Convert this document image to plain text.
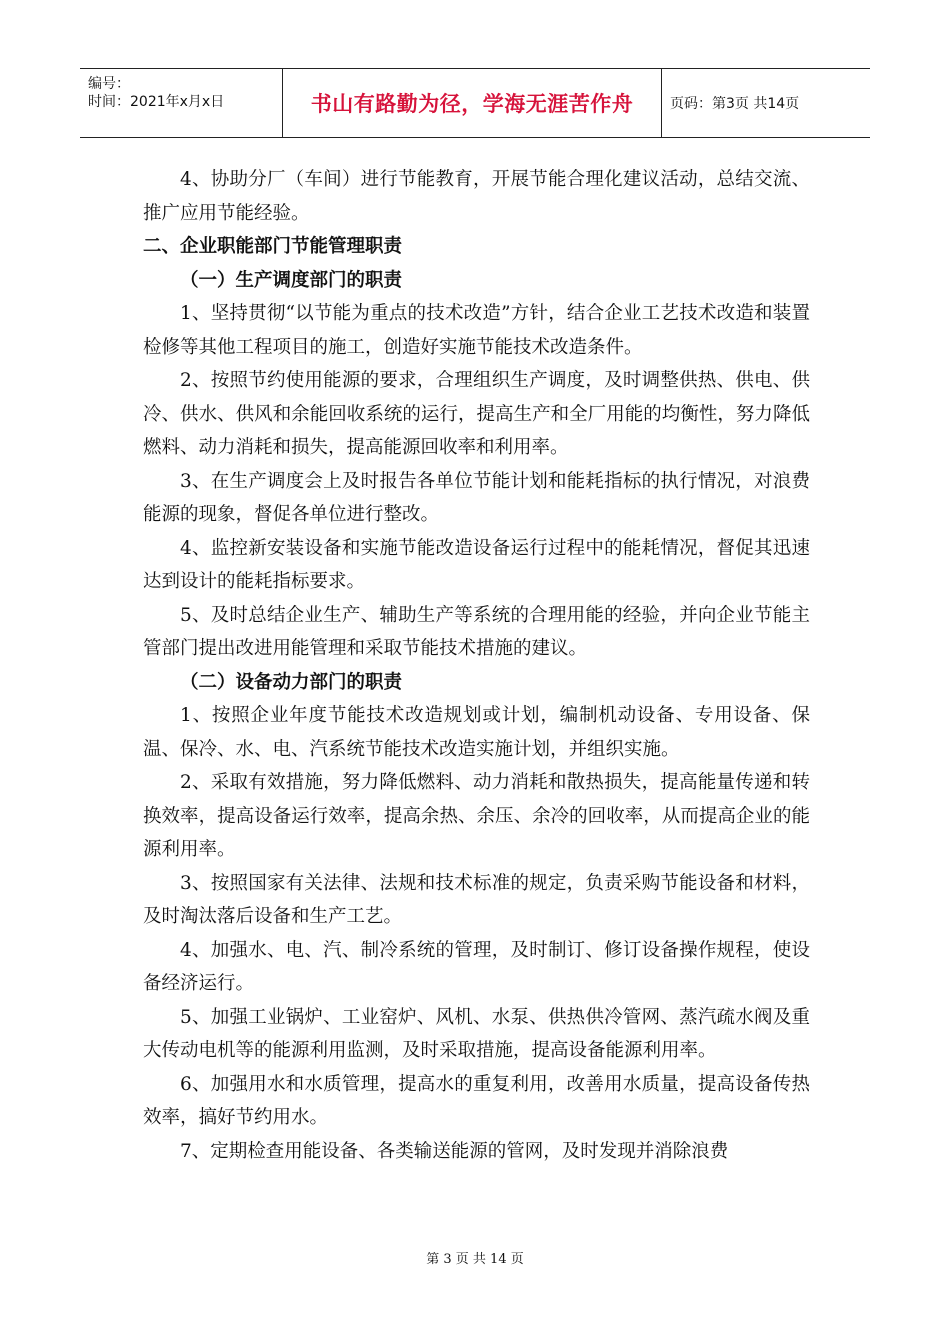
编号：
时间：2021年x月x日	书山有路勤为径，学海无涯苦作舟	页码：第3页 共14页

4、协助分厂（车间）进行节能教育，开展节能合理化建议活动，总结交流、推广应用节能经验。

二、企业职能部门节能管理职责

（一）生产调度部门的职责

1、坚持贯彻“以节能为重点的技术改造”方针，结合企业工艺技术改造和装置检修等其他工程项目的施工，创造好实施节能技术改造条件。

2、按照节约使用能源的要求，合理组织生产调度，及时调整供热、供电、供冷、供水、供风和余能回收系统的运行，提高生产和全厂用能的均衡性，努力降低燃料、动力消耗和损失，提高能源回收率和利用率。

3、在生产调度会上及时报告各单位节能计划和能耗指标的执行情况，对浪费能源的现象，督促各单位进行整改。

4、监控新安装设备和实施节能改造设备运行过程中的能耗情况，督促其迅速达到设计的能耗指标要求。

5、及时总结企业生产、辅助生产等系统的合理用能的经验，并向企业节能主管部门提出改进用能管理和采取节能技术措施的建议。

（二）设备动力部门的职责

1、按照企业年度节能技术改造规划或计划，编制机动设备、专用设备、保温、保冷、水、电、汽系统节能技术改造实施计划，并组织实施。

2、采取有效措施，努力降低燃料、动力消耗和散热损失，提高能量传递和转换效率，提高设备运行效率，提高余热、余压、余冷的回收率，从而提高企业的能源利用率。

3、按照国家有关法律、法规和技术标准的规定，负责采购节能设备和材料，及时淘汰落后设备和生产工艺。

4、加强水、电、汽、制冷系统的管理，及时制订、修订设备操作规程，使设备经济运行。

5、加强工业锅炉、工业窑炉、风机、水泵、供热供冷管网、蒸汽疏水阀及重大传动电机等的能源利用监测，及时采取措施，提高设备能源利用率。

6、加强用水和水质管理，提高水的重复利用，改善用水质量，提高设备传热效率，搞好节约用水。

7、定期检查用能设备、各类输送能源的管网，及时发现并消除浪费

第 3 页 共 14 页
